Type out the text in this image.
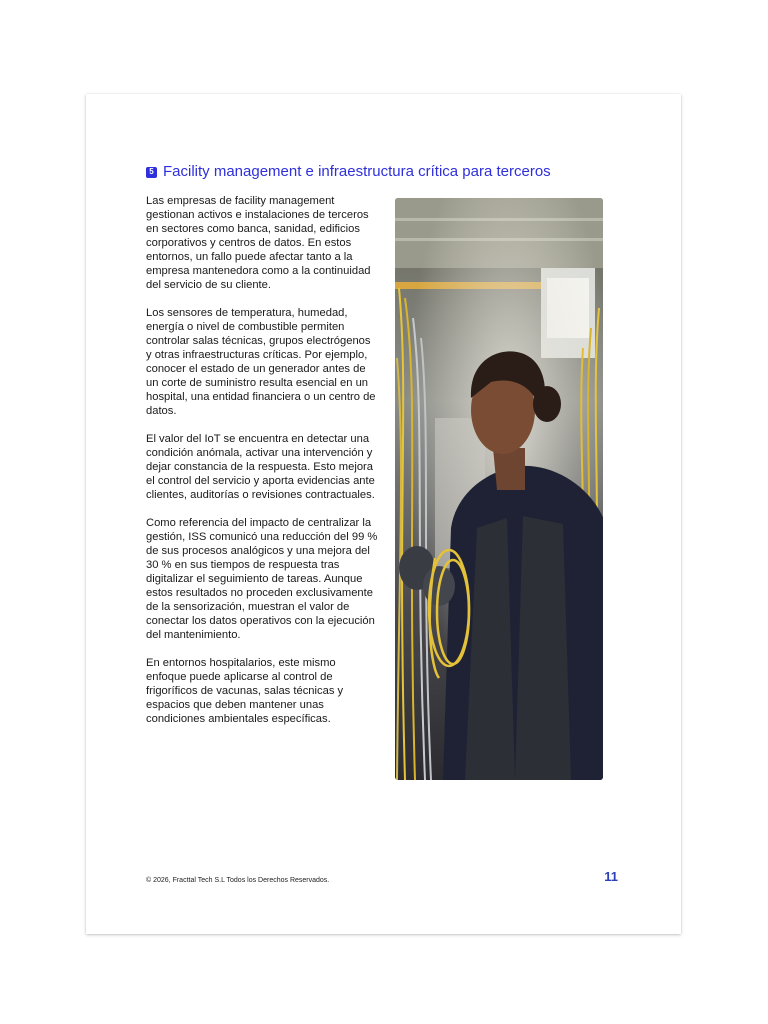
5 Facility management e infraestructura crítica para terceros

Las empresas de facility management gestionan activos e instalaciones de terceros en sectores como banca, sanidad, edificios corporativos y centros de datos. En estos entornos, un fallo puede afectar tanto a la empresa mantenedora como a la continuidad del servicio de su cliente.

Los sensores de temperatura, humedad, energía o nivel de combustible permiten controlar salas técnicas, grupos electrógenos y otras infraestructuras críticas. Por ejemplo, conocer el estado de un generador antes de un corte de suministro resulta esencial en un hospital, una entidad financiera o un centro de datos.

El valor del IoT se encuentra en detectar una condición anómala, activar una intervención y dejar constancia de la respuesta. Esto mejora el control del servicio y aporta evidencias ante clientes, auditorías o revisiones contractuales.

Como referencia del impacto de centralizar la gestión, ISS comunicó una reducción del 99 % de sus procesos analógicos y una mejora del 30 % en sus tiempos de respuesta tras digitalizar el seguimiento de tareas. Aunque estos resultados no proceden exclusivamente de la sensorización, muestran el valor de conectar los datos operativos con la ejecución del mantenimiento.

En entornos hospitalarios, este mismo enfoque puede aplicarse al control de frigoríficos de vacunas, salas técnicas y espacios que deben mantener unas condiciones ambientales específicas.

© 2026, Fracttal Tech S.L Todos los Derechos Reservados.	11
